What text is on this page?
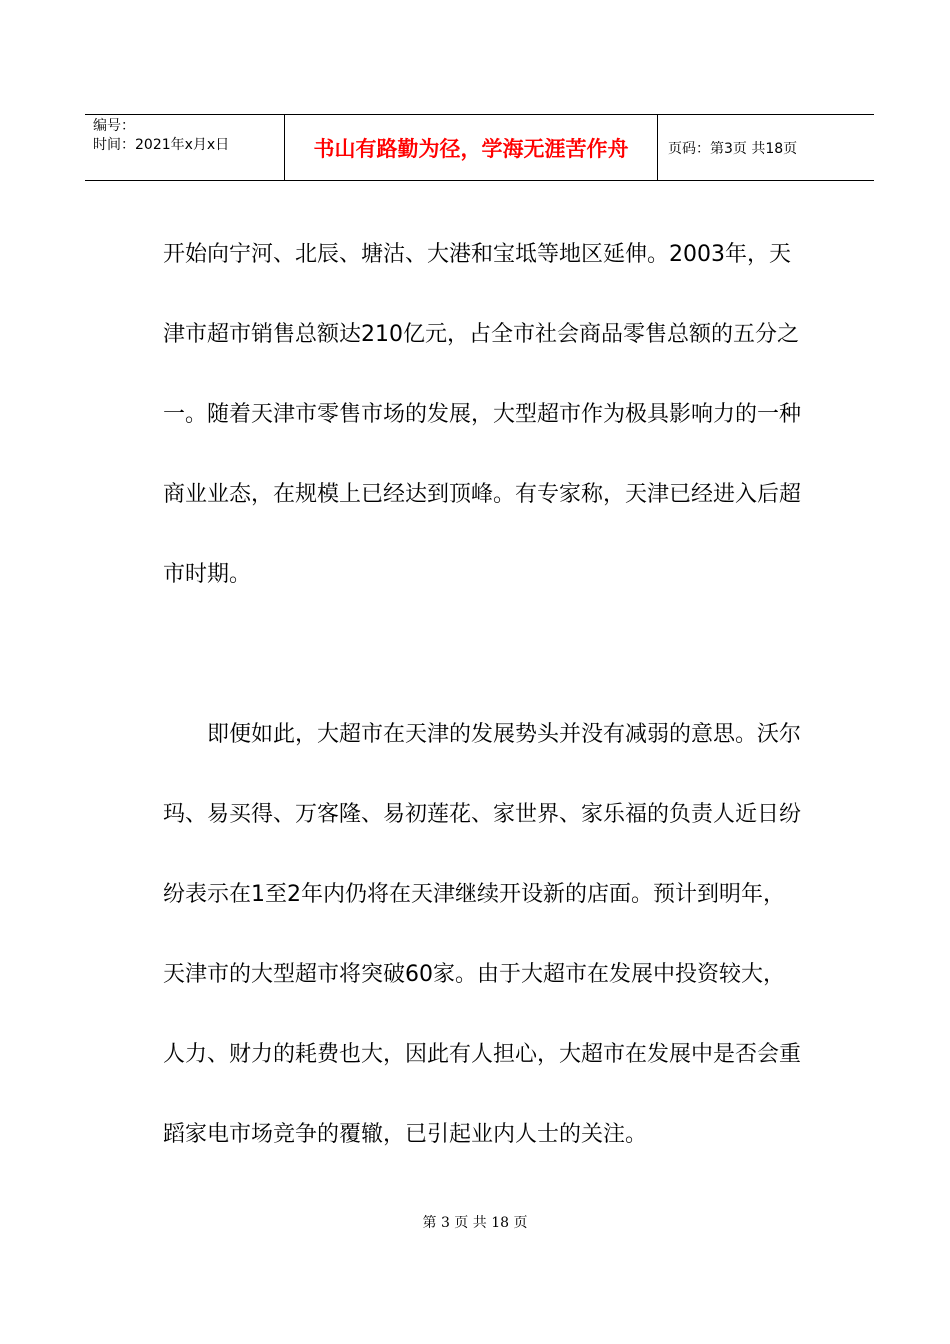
编号：
时间：2021年x月x日	书山有路勤为径，学海无涯苦作舟	页码：第3页 共18页

开始向宁河、北辰、塘沽、大港和宝坻等地区延伸。2003年，天津市超市销售总额达210亿元，占全市社会商品零售总额的五分之一。随着天津市零售市场的发展，大型超市作为极具影响力的一种商业业态，在规模上已经达到顶峰。有专家称，天津已经进入后超市时期。

即便如此，大超市在天津的发展势头并没有减弱的意思。沃尔玛、易买得、万客隆、易初莲花、家世界、家乐福的负责人近日纷纷表示在1至2年内仍将在天津继续开设新的店面。预计到明年，天津市的大型超市将突破60家。由于大超市在发展中投资较大，人力、财力的耗费也大，因此有人担心，大超市在发展中是否会重蹈家电市场竞争的覆辙，已引起业内人士的关注。

第 3 页 共 18 页
